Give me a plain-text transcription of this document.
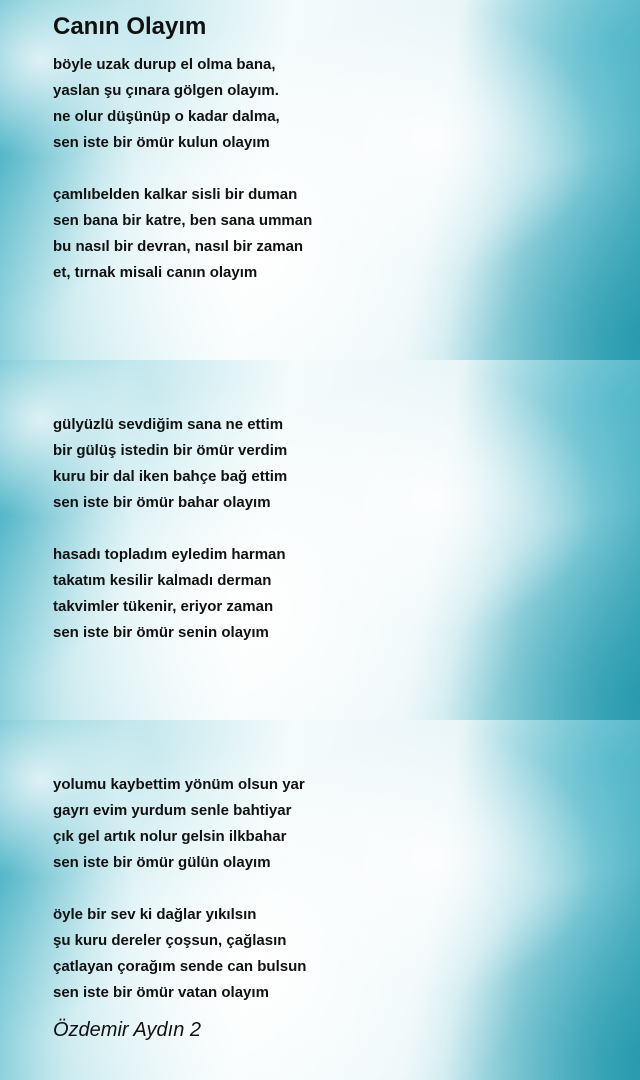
Canın Olayım
böyle uzak durup el olma bana,
yaslan şu çınara gölgen olayım.
ne olur düşünüp o kadar dalma,
sen iste bir ömür kulun olayım
çamlıbelden kalkar sisli bir duman
sen bana bir katre, ben sana umman
bu nasıl bir devran, nasıl bir zaman
et, tırnak misali canın olayım
gülyüzlü sevdiğim sana ne ettim
bir gülüş istedin bir ömür verdim
kuru bir dal iken bahçe bağ ettim
sen iste bir ömür bahar olayım
hasadı topladım eyledim harman
takatım kesilir kalmadı derman
takvimler tükenir, eriyor zaman
sen iste bir ömür senin olayım
yolumu kaybettim yönüm olsun yar
gayrı evim yurdum senle bahtiyar
çık gel artık nolur gelsin ilkbahar
sen iste bir ömür gülün olayım
öyle bir sev ki dağlar yıkılsın
şu kuru dereler çoşsun, çağlasın
çatlayan çorağım sende can bulsun
sen iste bir ömür vatan olayım
Özdemir Aydın 2
